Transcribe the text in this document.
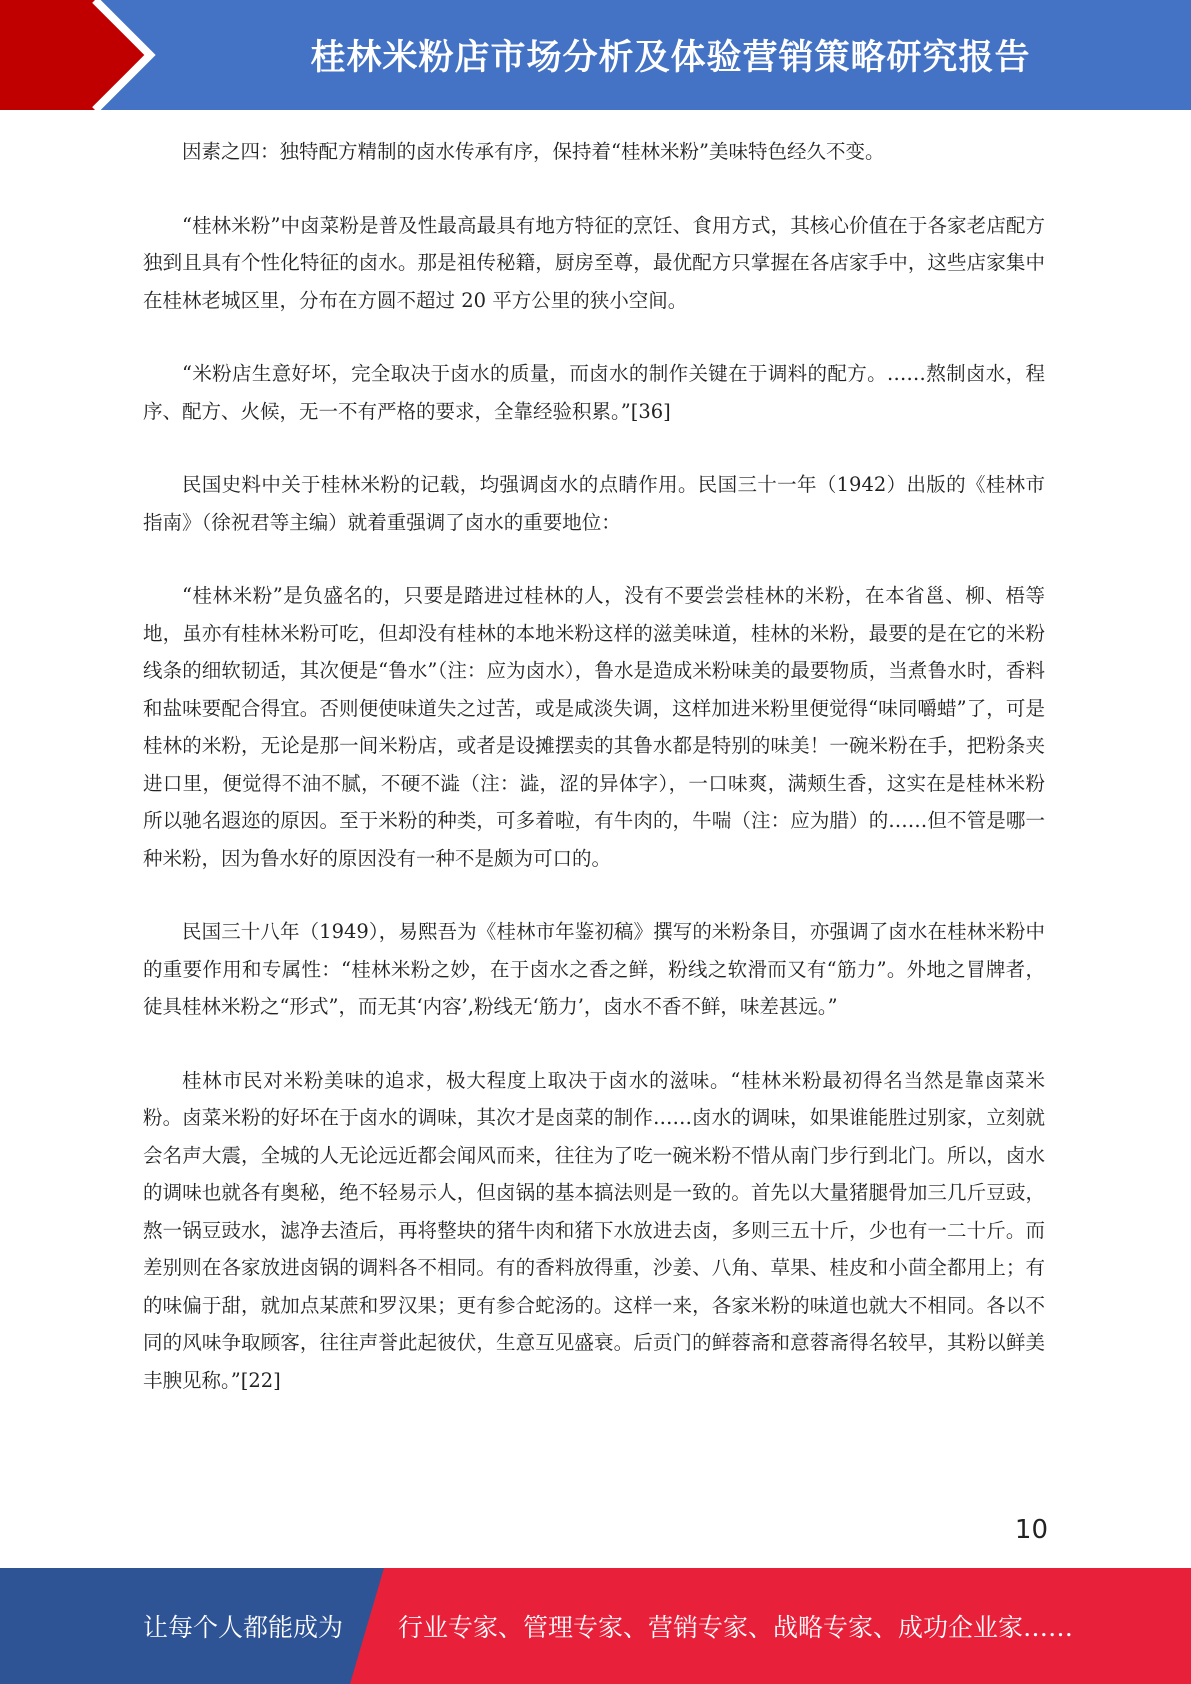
桂林米粉店市场分析及体验营销策略研究报告

因素之四：独特配方精制的卤水传承有序，保持着“桂林米粉”美味特色经久不变。

“桂林米粉”中卤菜粉是普及性最高最具有地方特征的烹饪、食用方式，其核心价值在于各家老店配方独到且具有个性化特征的卤水。那是祖传秘籍，厨房至尊，最优配方只掌握在各店家手中，这些店家集中在桂林老城区里，分布在方圆不超过 20 平方公里的狭小空间。

“米粉店生意好坏，完全取决于卤水的质量，而卤水的制作关键在于调料的配方。……熬制卤水，程序、配方、火候，无一不有严格的要求，全靠经验积累。”[36]

民国史料中关于桂林米粉的记载，均强调卤水的点睛作用。民国三十一年（1942）出版的《桂林市指南》（徐祝君等主编）就着重强调了卤水的重要地位：

“桂林米粉”是负盛名的，只要是踏进过桂林的人，没有不要尝尝桂林的米粉，在本省邕、柳、梧等地，虽亦有桂林米粉可吃，但却没有桂林的本地米粉这样的滋美味道，桂林的米粉，最要的是在它的米粉线条的细软韧适，其次便是“鲁水”（注：应为卤水），鲁水是造成米粉味美的最要物质，当煮鲁水时，香料和盐味要配合得宜。否则便使味道失之过苦，或是咸淡失调，这样加进米粉里便觉得“味同嚼蜡”了，可是桂林的米粉，无论是那一间米粉店，或者是设摊摆卖的其鲁水都是特别的味美！一碗米粉在手，把粉条夹进口里，便觉得不油不腻，不硬不澁（注：澁，涩的异体字），一口味爽，满颊生香，这实在是桂林米粉所以驰名遐迩的原因。至于米粉的种类，可多着啦，有牛肉的，牛喘（注：应为腊）的……但不管是哪一种米粉，因为鲁水好的原因没有一种不是颇为可口的。

民国三十八年（1949），易熙吾为《桂林市年鉴初稿》撰写的米粉条目，亦强调了卤水在桂林米粉中的重要作用和专属性：“桂林米粉之妙，在于卤水之香之鲜，粉线之软滑而又有“筋力”。外地之冒牌者，徒具桂林米粉之“形式”，而无其‘内容’,粉线无‘筋力’，卤水不香不鲜，味差甚远。”

桂林市民对米粉美味的追求，极大程度上取决于卤水的滋味。“桂林米粉最初得名当然是靠卤菜米粉。卤菜米粉的好坏在于卤水的调味，其次才是卤菜的制作……卤水的调味，如果谁能胜过别家，立刻就会名声大震，全城的人无论远近都会闻风而来，往往为了吃一碗米粉不惜从南门步行到北门。所以，卤水的调味也就各有奥秘，绝不轻易示人，但卤锅的基本搞法则是一致的。首先以大量猪腿骨加三几斤豆豉，熬一锅豆豉水，滤净去渣后，再将整块的猪牛肉和猪下水放进去卤，多则三五十斤，少也有一二十斤。而差别则在各家放进卤锅的调料各不相同。有的香料放得重，沙姜、八角、草果、桂皮和小茴全都用上；有的味偏于甜，就加点某蔗和罗汉果；更有参合蛇汤的。这样一来，各家米粉的味道也就大不相同。各以不同的风味争取顾客，往往声誉此起彼伏，生意互见盛衰。后贡门的鲜蓉斋和意蓉斋得名较早，其粉以鲜美丰腴见称。”[22]

10
让每个人都能成为 行业专家、管理专家、营销专家、战略专家、成功企业家……
